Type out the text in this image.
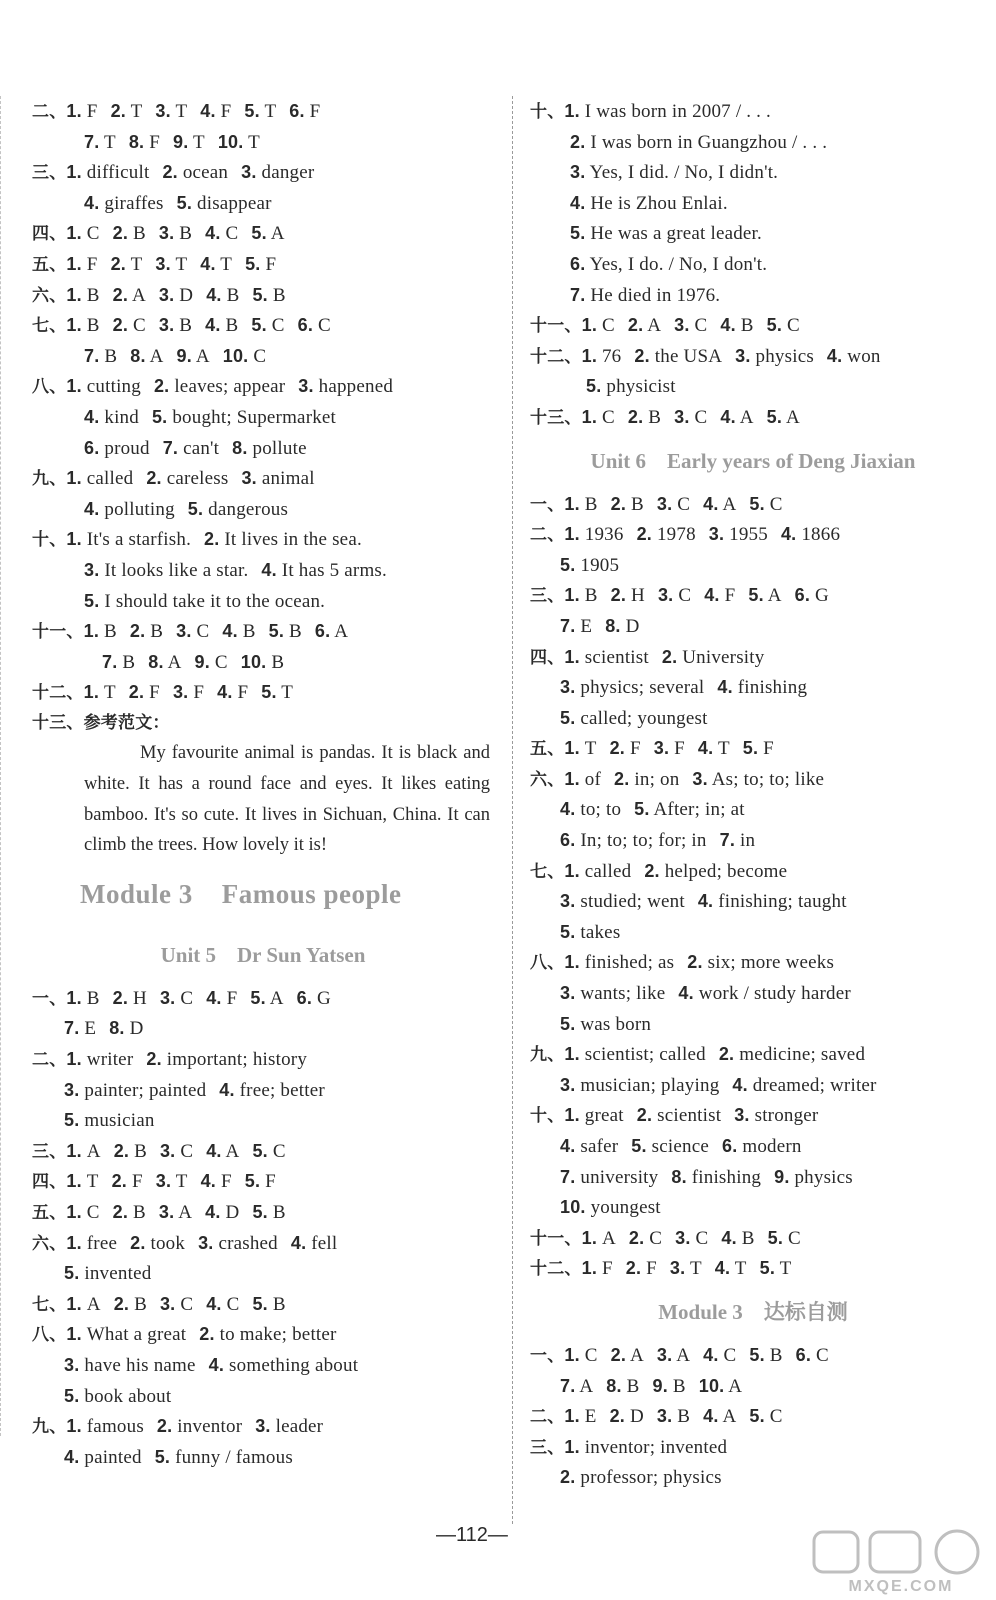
二、1. F 2. T 3. T 4. F 5. T 6. F
7. T 8. F 9. T 10. T
三、1. difficult 2. ocean 3. danger
4. giraffes 5. disappear
四、1. C 2. B 3. B 4. C 5. A
五、1. F 2. T 3. T 4. T 5. F
六、1. B 2. A 3. D 4. B 5. B
七、1. B 2. C 3. B 4. B 5. C 6. C
7. B 8. A 9. A 10. C
八、1. cutting 2. leaves; appear 3. happened
4. kind 5. bought; Supermarket
6. proud 7. can't 8. pollute
九、1. called 2. careless 3. animal
4. polluting 5. dangerous
十、1. It's a starfish. 2. It lives in the sea.
3. It looks like a star. 4. It has 5 arms.
5. I should take it to the ocean.
十一、1. B 2. B 3. C 4. B 5. B 6. A
7. B 8. A 9. C 10. B
十二、1. T 2. F 3. F 4. F 5. T
十三、参考范文：
My favourite animal is pandas. It is black and white. It has a round face and eyes. It likes eating bamboo. It's so cute. It lives in Sichuan, China. It can climb the trees. How lovely it is!
Module 3    Famous people
Unit 5    Dr Sun Yatsen
一、1. B 2. H 3. C 4. F 5. A 6. G
7. E 8. D
二、1. writer 2. important; history
3. painter; painted 4. free; better
5. musician
三、1. A 2. B 3. C 4. A 5. C
四、1. T 2. F 3. T 4. F 5. F
五、1. C 2. B 3. A 4. D 5. B
六、1. free 2. took 3. crashed 4. fell
5. invented
七、1. A 2. B 3. C 4. C 5. B
八、1. What a great 2. to make; better
3. have his name 4. something about
5. book about
九、1. famous 2. inventor 3. leader
4. painted 5. funny / famous
十、1. I was born in 2007 / . . .
2. I was born in Guangzhou / . . .
3. Yes, I did. / No, I didn't.
4. He is Zhou Enlai.
5. He was a great leader.
6. Yes, I do. / No, I don't.
7. He died in 1976.
十一、1. C 2. A 3. C 4. B 5. C
十二、1. 76 2. the USA 3. physics 4. won
5. physicist
十三、1. C 2. B 3. C 4. A 5. A
Unit 6    Early years of Deng Jiaxian
一、1. B 2. B 3. C 4. A 5. C
二、1. 1936 2. 1978 3. 1955 4. 1866
5. 1905
三、1. B 2. H 3. C 4. F 5. A 6. G
7. E 8. D
四、1. scientist 2. University
3. physics; several 4. finishing
5. called; youngest
五、1. T 2. F 3. F 4. T 5. F
六、1. of 2. in; on 3. As; to; to; like
4. to; to 5. After; in; at
6. In; to; to; for; in 7. in
七、1. called 2. helped; become
3. studied; went 4. finishing; taught
5. takes
八、1. finished; as 2. six; more weeks
3. wants; like 4. work / study harder
5. was born
九、1. scientist; called 2. medicine; saved
3. musician; playing 4. dreamed; writer
十、1. great 2. scientist 3. stronger
4. safer 5. science 6. modern
7. university 8. finishing 9. physics
10. youngest
十一、1. A 2. C 3. C 4. B 5. C
十二、1. F 2. F 3. T 4. T 5. T
Module 3    达标自测
一、1. C 2. A 3. A 4. C 5. B 6. C
7. A 8. B 9. B 10. A
二、1. E 2. D 3. B 4. A 5. C
三、1. inventor; invented
2. professor; physics
—112—
MXQE.COM
